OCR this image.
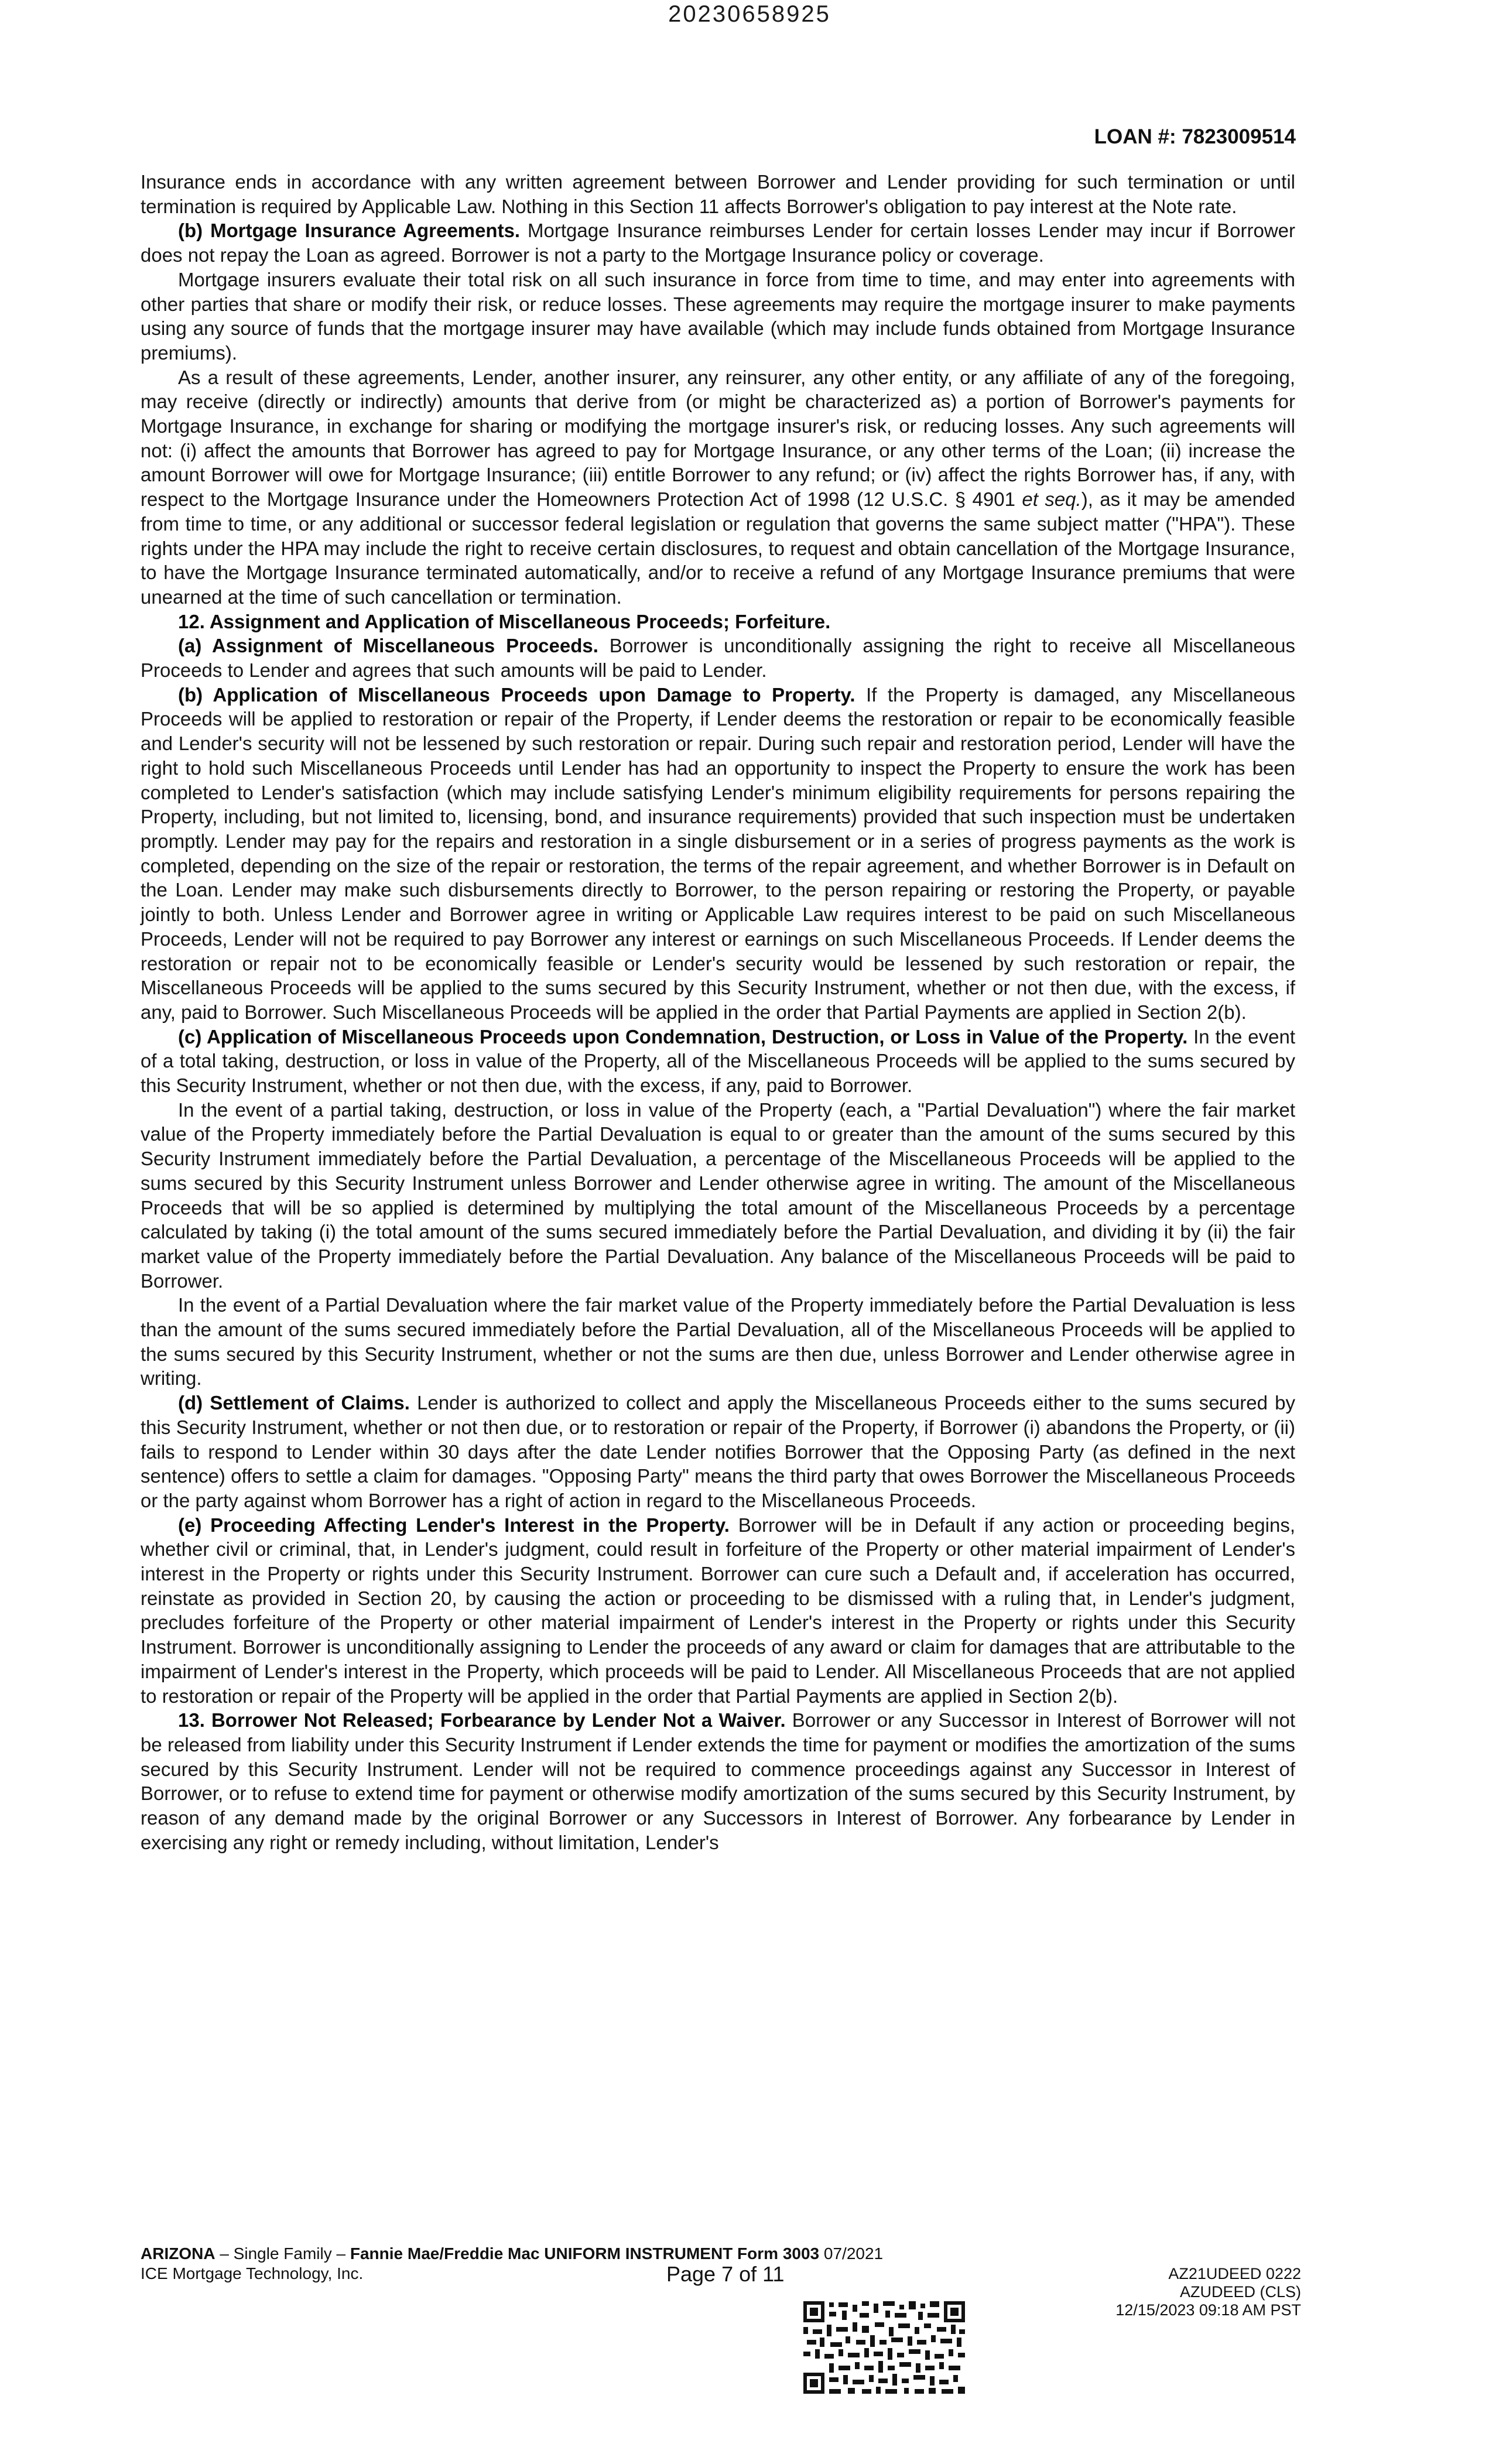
20230658925
LOAN #: 7823009514

Insurance ends in accordance with any written agreement between Borrower and Lender providing for such termination or until termination is required by Applicable Law. Nothing in this Section 11 affects Borrower's obligation to pay interest at the Note rate.

(b) Mortgage Insurance Agreements. Mortgage Insurance reimburses Lender for certain losses Lender may incur if Borrower does not repay the Loan as agreed. Borrower is not a party to the Mortgage Insurance policy or coverage.

Mortgage insurers evaluate their total risk on all such insurance in force from time to time, and may enter into agreements with other parties that share or modify their risk, or reduce losses. These agreements may require the mortgage insurer to make payments using any source of funds that the mortgage insurer may have available (which may include funds obtained from Mortgage Insurance premiums).

As a result of these agreements, Lender, another insurer, any reinsurer, any other entity, or any affiliate of any of the foregoing, may receive (directly or indirectly) amounts that derive from (or might be characterized as) a portion of Borrower's payments for Mortgage Insurance, in exchange for sharing or modifying the mortgage insurer's risk, or reducing losses. Any such agreements will not: (i) affect the amounts that Borrower has agreed to pay for Mortgage Insurance, or any other terms of the Loan; (ii) increase the amount Borrower will owe for Mortgage Insurance; (iii) entitle Borrower to any refund; or (iv) affect the rights Borrower has, if any, with respect to the Mortgage Insurance under the Homeowners Protection Act of 1998 (12 U.S.C. § 4901 et seq.), as it may be amended from time to time, or any additional or successor federal legislation or regulation that governs the same subject matter ("HPA"). These rights under the HPA may include the right to receive certain disclosures, to request and obtain cancellation of the Mortgage Insurance, to have the Mortgage Insurance terminated automatically, and/or to receive a refund of any Mortgage Insurance premiums that were unearned at the time of such cancellation or termination.

12. Assignment and Application of Miscellaneous Proceeds; Forfeiture.

(a) Assignment of Miscellaneous Proceeds. Borrower is unconditionally assigning the right to receive all Miscellaneous Proceeds to Lender and agrees that such amounts will be paid to Lender.

(b) Application of Miscellaneous Proceeds upon Damage to Property. If the Property is damaged, any Miscellaneous Proceeds will be applied to restoration or repair of the Property, if Lender deems the restoration or repair to be economically feasible and Lender's security will not be lessened by such restoration or repair. During such repair and restoration period, Lender will have the right to hold such Miscellaneous Proceeds until Lender has had an opportunity to inspect the Property to ensure the work has been completed to Lender's satisfaction (which may include satisfying Lender's minimum eligibility requirements for persons repairing the Property, including, but not limited to, licensing, bond, and insurance requirements) provided that such inspection must be undertaken promptly. Lender may pay for the repairs and restoration in a single disbursement or in a series of progress payments as the work is completed, depending on the size of the repair or restoration, the terms of the repair agreement, and whether Borrower is in Default on the Loan. Lender may make such disbursements directly to Borrower, to the person repairing or restoring the Property, or payable jointly to both. Unless Lender and Borrower agree in writing or Applicable Law requires interest to be paid on such Miscellaneous Proceeds, Lender will not be required to pay Borrower any interest or earnings on such Miscellaneous Proceeds. If Lender deems the restoration or repair not to be economically feasible or Lender's security would be lessened by such restoration or repair, the Miscellaneous Proceeds will be applied to the sums secured by this Security Instrument, whether or not then due, with the excess, if any, paid to Borrower. Such Miscellaneous Proceeds will be applied in the order that Partial Payments are applied in Section 2(b).

(c) Application of Miscellaneous Proceeds upon Condemnation, Destruction, or Loss in Value of the Property. In the event of a total taking, destruction, or loss in value of the Property, all of the Miscellaneous Proceeds will be applied to the sums secured by this Security Instrument, whether or not then due, with the excess, if any, paid to Borrower.

In the event of a partial taking, destruction, or loss in value of the Property (each, a "Partial Devaluation") where the fair market value of the Property immediately before the Partial Devaluation is equal to or greater than the amount of the sums secured by this Security Instrument immediately before the Partial Devaluation, a percentage of the Miscellaneous Proceeds will be applied to the sums secured by this Security Instrument unless Borrower and Lender otherwise agree in writing. The amount of the Miscellaneous Proceeds that will be so applied is determined by multiplying the total amount of the Miscellaneous Proceeds by a percentage calculated by taking (i) the total amount of the sums secured immediately before the Partial Devaluation, and dividing it by (ii) the fair market value of the Property immediately before the Partial Devaluation. Any balance of the Miscellaneous Proceeds will be paid to Borrower.

In the event of a Partial Devaluation where the fair market value of the Property immediately before the Partial Devaluation is less than the amount of the sums secured immediately before the Partial Devaluation, all of the Miscellaneous Proceeds will be applied to the sums secured by this Security Instrument, whether or not the sums are then due, unless Borrower and Lender otherwise agree in writing.

(d) Settlement of Claims. Lender is authorized to collect and apply the Miscellaneous Proceeds either to the sums secured by this Security Instrument, whether or not then due, or to restoration or repair of the Property, if Borrower (i) abandons the Property, or (ii) fails to respond to Lender within 30 days after the date Lender notifies Borrower that the Opposing Party (as defined in the next sentence) offers to settle a claim for damages. "Opposing Party" means the third party that owes Borrower the Miscellaneous Proceeds or the party against whom Borrower has a right of action in regard to the Miscellaneous Proceeds.

(e) Proceeding Affecting Lender's Interest in the Property. Borrower will be in Default if any action or proceeding begins, whether civil or criminal, that, in Lender's judgment, could result in forfeiture of the Property or other material impairment of Lender's interest in the Property or rights under this Security Instrument. Borrower can cure such a Default and, if acceleration has occurred, reinstate as provided in Section 20, by causing the action or proceeding to be dismissed with a ruling that, in Lender's judgment, precludes forfeiture of the Property or other material impairment of Lender's interest in the Property or rights under this Security Instrument. Borrower is unconditionally assigning to Lender the proceeds of any award or claim for damages that are attributable to the impairment of Lender's interest in the Property, which proceeds will be paid to Lender. All Miscellaneous Proceeds that are not applied to restoration or repair of the Property will be applied in the order that Partial Payments are applied in Section 2(b).

13. Borrower Not Released; Forbearance by Lender Not a Waiver. Borrower or any Successor in Interest of Borrower will not be released from liability under this Security Instrument if Lender extends the time for payment or modifies the amortization of the sums secured by this Security Instrument. Lender will not be required to commence proceedings against any Successor in Interest of Borrower, or to refuse to extend time for payment or otherwise modify amortization of the sums secured by this Security Instrument, by reason of any demand made by the original Borrower or any Successors in Interest of Borrower. Any forbearance by Lender in exercising any right or remedy including, without limitation, Lender's

ARIZONA – Single Family – Fannie Mae/Freddie Mac UNIFORM INSTRUMENT Form 3003 07/2021
ICE Mortgage Technology, Inc.	Page 7 of 11	AZ21UDEED 0222
AZUDEED (CLS)
12/15/2023 09:18 AM PST
